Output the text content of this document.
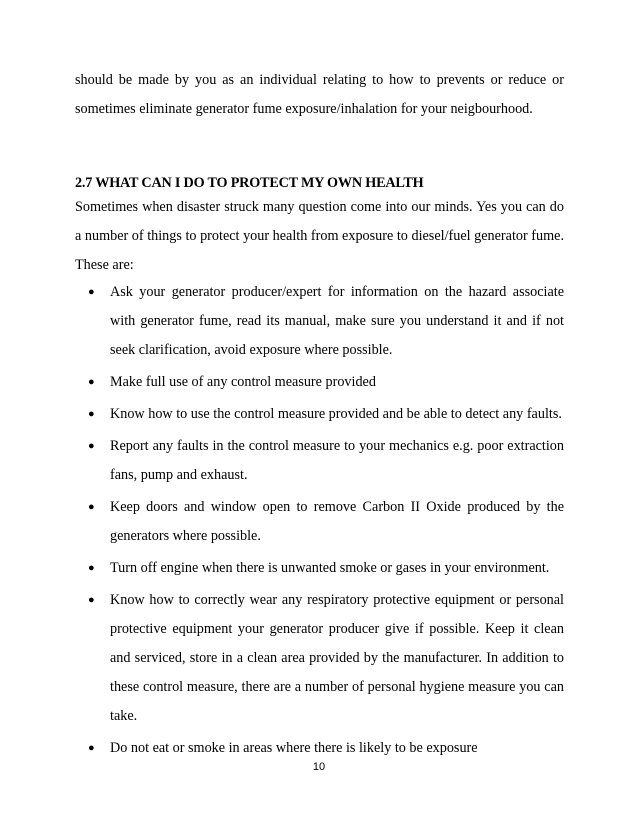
should be made by you as an individual relating to how to prevents or reduce or sometimes eliminate generator fume exposure/inhalation for your neigbourhood.

2.7 WHAT CAN I DO TO PROTECT MY OWN HEALTH

Sometimes when disaster struck many question come into our minds. Yes you can do a number of things to protect your health from exposure to diesel/fuel generator fume. These are:

● Ask your generator producer/expert for information on the hazard associate with generator fume, read its manual, make sure you understand it and if not seek clarification, avoid exposure where possible.
● Make full use of any control measure provided
● Know how to use the control measure provided and be able to detect any faults.
● Report any faults in the control measure to your mechanics e.g. poor extraction fans, pump and exhaust.
● Keep doors and window open to remove Carbon II Oxide produced by the generators where possible.
● Turn off engine when there is unwanted smoke or gases in your environment.
● Know how to correctly wear any respiratory protective equipment or personal protective equipment your generator producer give if possible. Keep it clean and serviced, store in a clean area provided by the manufacturer. In addition to these control measure, there are a number of personal hygiene measure you can take.
● Do not eat or smoke in areas where there is likely to be exposure
10
